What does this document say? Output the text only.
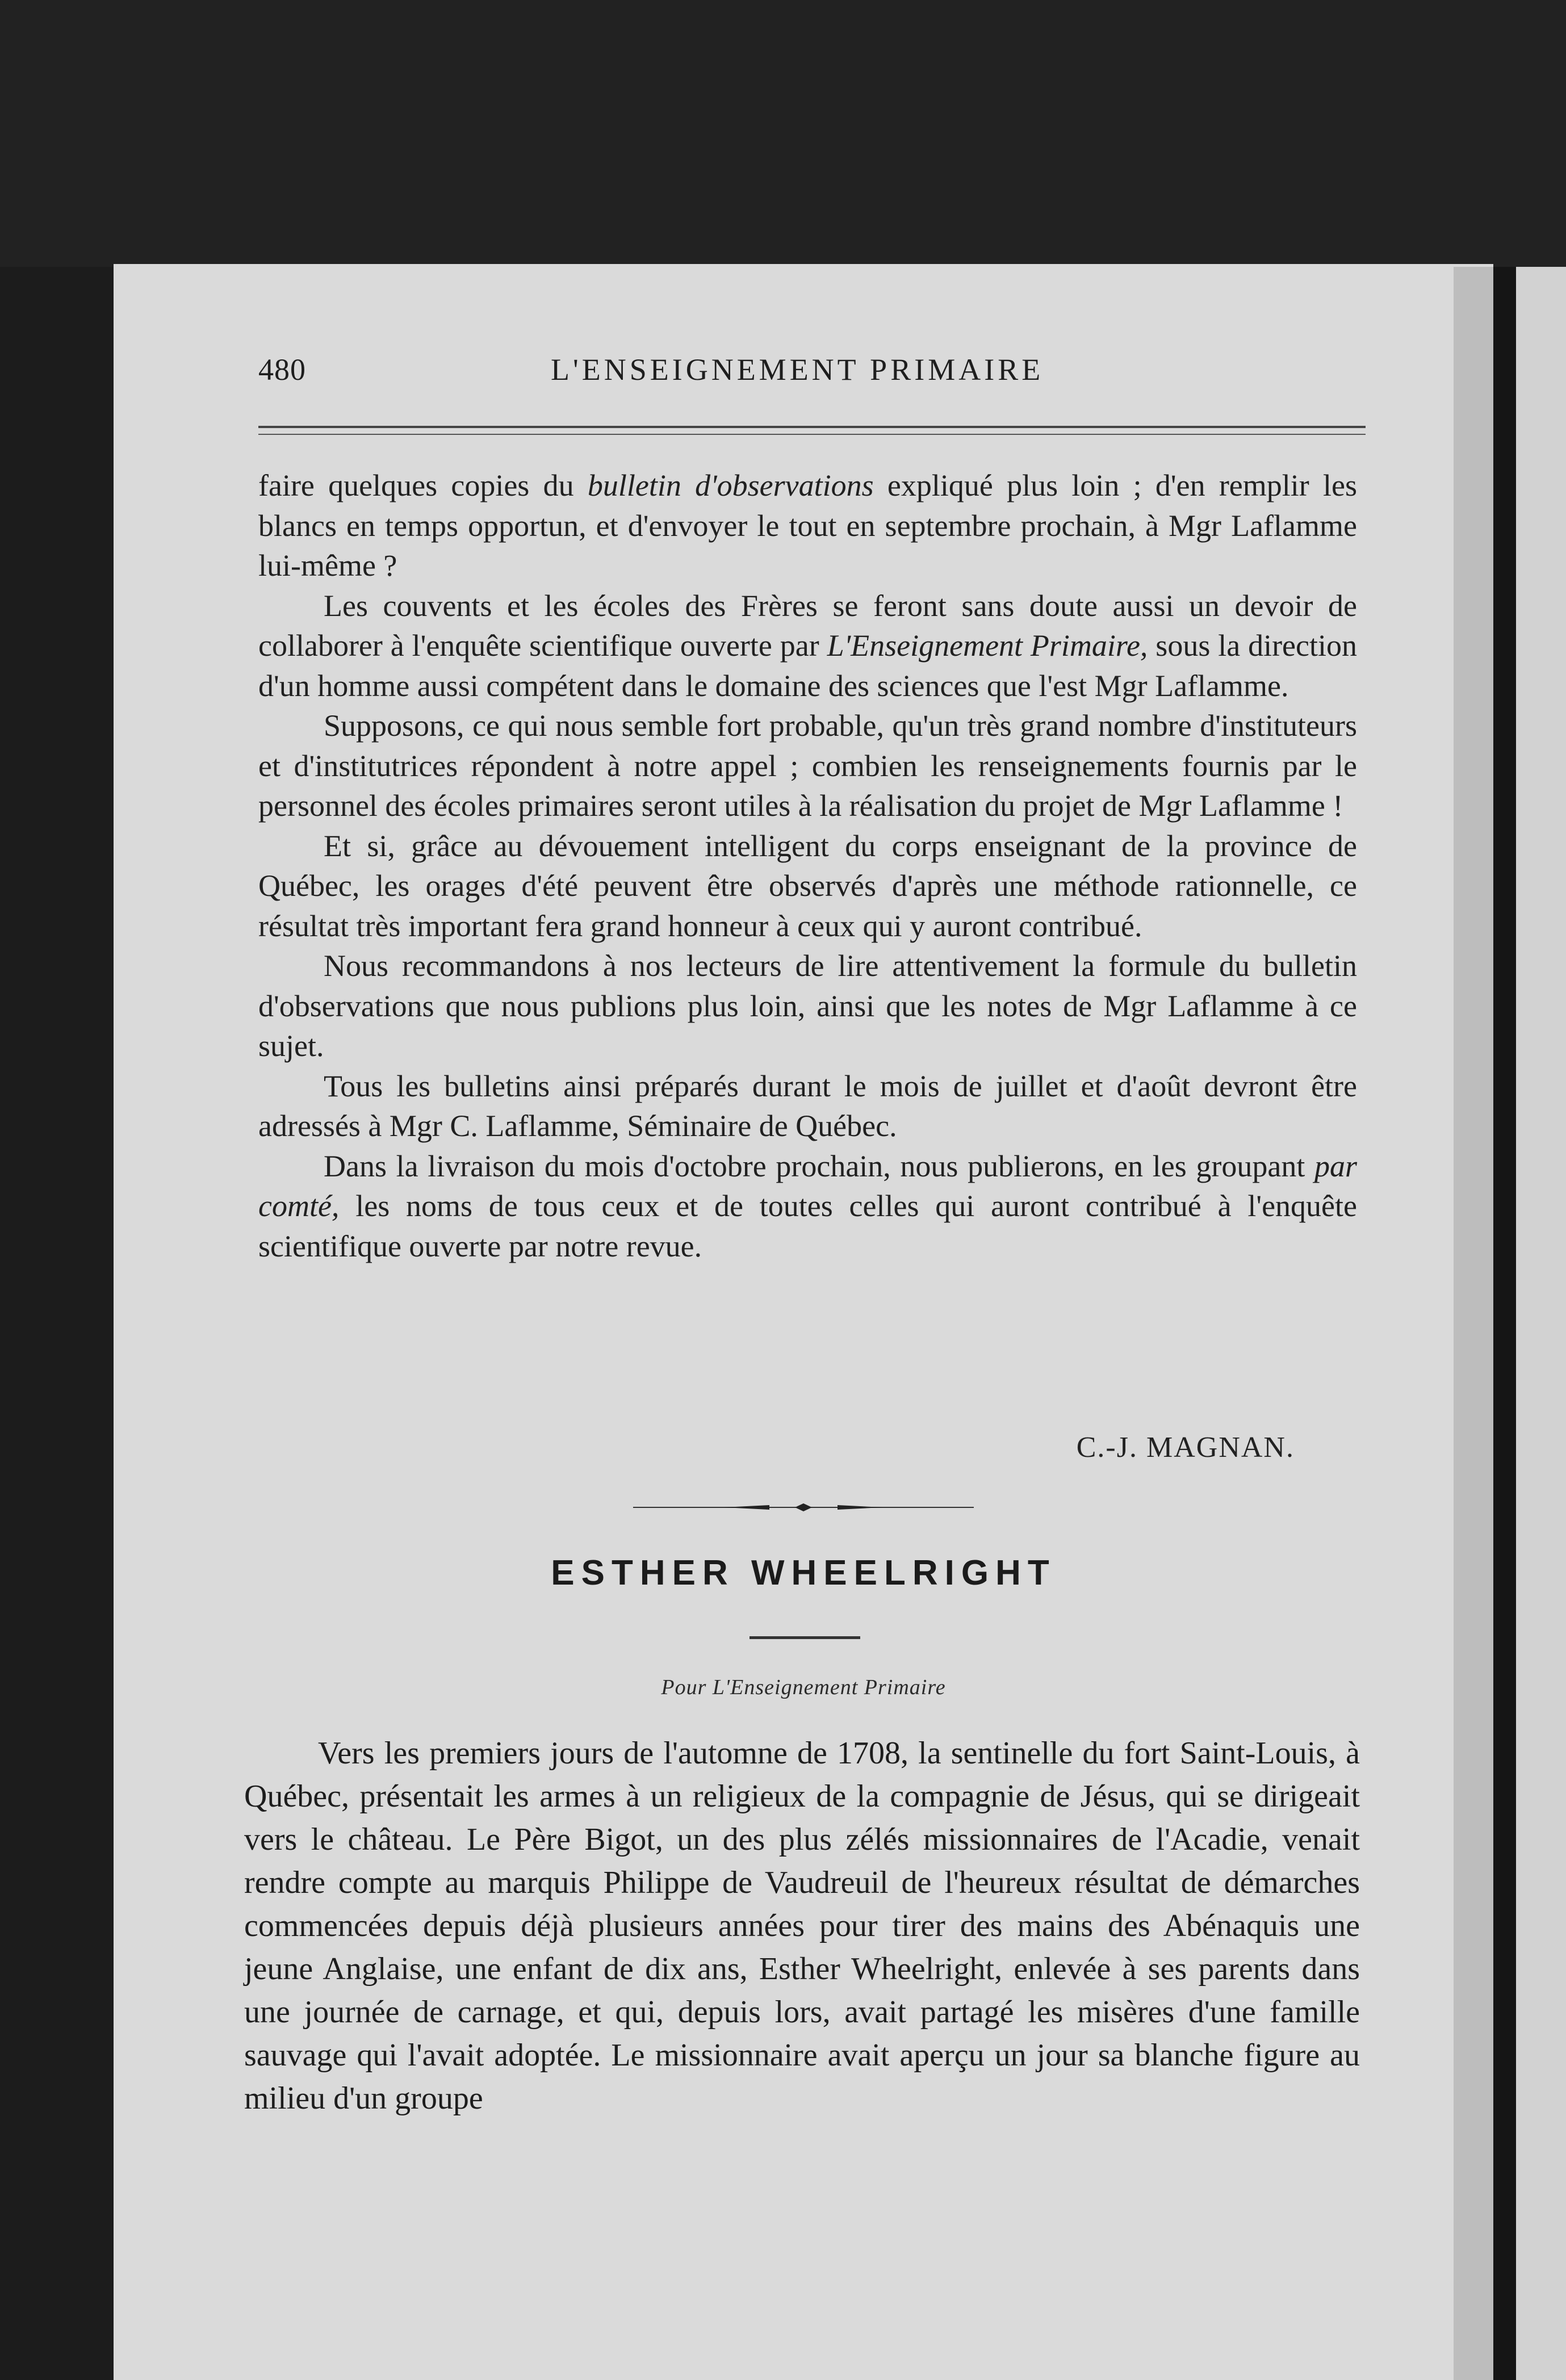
480	L'ENSEIGNEMENT PRIMAIRE

faire quelques copies du bulletin d'observations expliqué plus loin ; d'en remplir les blancs en temps opportun, et d'envoyer le tout en septembre prochain, à Mgr Laflamme lui-même ?

Les couvents et les écoles des Frères se feront sans doute aussi un devoir de collaborer à l'enquête scientifique ouverte par L'Enseignement Primaire, sous la direction d'un homme aussi compétent dans le domaine des sciences que l'est Mgr Laflamme.

Supposons, ce qui nous semble fort probable, qu'un très grand nombre d'instituteurs et d'institutrices répondent à notre appel ; combien les renseignements fournis par le personnel des écoles primaires seront utiles à la réalisation du projet de Mgr Laflamme !

Et si, grâce au dévouement intelligent du corps enseignant de la province de Québec, les orages d'été peuvent être observés d'après une méthode rationnelle, ce résultat très important fera grand honneur à ceux qui y auront contribué.

Nous recommandons à nos lecteurs de lire attentivement la formule du bulletin d'observations que nous publions plus loin, ainsi que les notes de Mgr Laflamme à ce sujet.

Tous les bulletins ainsi préparés durant le mois de juillet et d'août devront être adressés à Mgr C. Laflamme, Séminaire de Québec.

Dans la livraison du mois d'octobre prochain, nous publierons, en les groupant par comté, les noms de tous ceux et de toutes celles qui auront contribué à l'enquête scientifique ouverte par notre revue.

C.-J. MAGNAN.
ESTHER WHEELRIGHT
Pour L'Enseignement Primaire

Vers les premiers jours de l'automne de 1708, la sentinelle du fort Saint-Louis, à Québec, présentait les armes à un religieux de la compagnie de Jésus, qui se dirigeait vers le château. Le Père Bigot, un des plus zélés missionnaires de l'Acadie, venait rendre compte au marquis Philippe de Vaudreuil de l'heureux résultat de démarches commencées depuis déjà plusieurs années pour tirer des mains des Abénaquis une jeune Anglaise, une enfant de dix ans, Esther Wheelright, enlevée à ses parents dans une journée de carnage, et qui, depuis lors, avait partagé les misères d'une famille sauvage qui l'avait adoptée. Le missionnaire avait aperçu un jour sa blanche figure au milieu d'un groupe
